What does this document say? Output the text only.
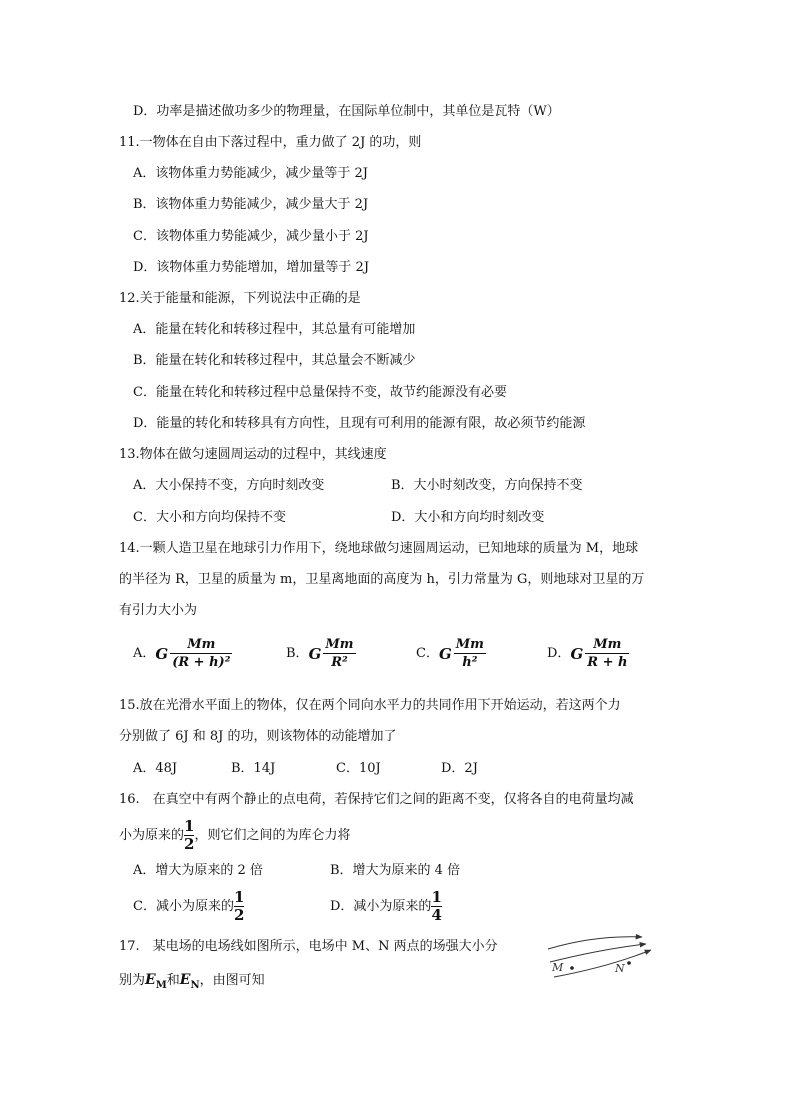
D．功率是描述做功多少的物理量，在国际单位制中，其单位是瓦特（W）
11.一物体在自由下落过程中，重力做了 2J 的功，则
A．该物体重力势能减少，减少量等于 2J
B．该物体重力势能减少，减少量大于 2J
C．该物体重力势能减少，减少量小于 2J
D．该物体重力势能增加，增加量等于 2J
12.关于能量和能源，下列说法中正确的是
A．能量在转化和转移过程中，其总量有可能增加
B．能量在转化和转移过程中，其总量会不断减少
C．能量在转化和转移过程中总量保持不变，故节约能源没有必要
D．能量的转化和转移具有方向性，且现有可利用的能源有限，故必须节约能源
13.物体在做匀速圆周运动的过程中，其线速度
A．大小保持不变，方向时刻改变	B．大小时刻改变，方向保持不变
C．大小和方向均保持不变	D．大小和方向均时刻改变
14.一颗人造卫星在地球引力作用下，绕地球做匀速圆周运动，已知地球的质量为 M，地球
的半径为 R，卫星的质量为 m，卫星离地面的高度为 h，引力常量为 G，则地球对卫星的万
有引力大小为
A．G $\frac{Mm}{\text{(R + h)²}}$	B．G $\frac{Mm}{\text{R²}}$	C．G $\frac{Mm}{\text{h²}}$	D．G $\frac{Mm}{R + h}$
15.放在光滑水平面上的物体，仅在两个同向水平力的共同作用下开始运动，若这两个力
分别做了 6J 和 8J 的功，则该物体的动能增加了
A．48J	B．14J	C．10J	D．2J
16.　在真空中有两个静止的点电荷，若保持它们之间的距离不变，仅将各自的电荷量均减
小为原来的 $\frac{1}{2}$ ，则它们之间的为库仑力将
A．增大为原来的 2 倍	B．增大为原来的 4 倍
C．减小为原来的 $\frac{1}{2}$	D．减小为原来的 $\frac{1}{4}$
17.　某电场的电场线如图所示，电场中 M、N 两点的场强大小分
别为$E_M$和$E_N$，由图可知
M	N
